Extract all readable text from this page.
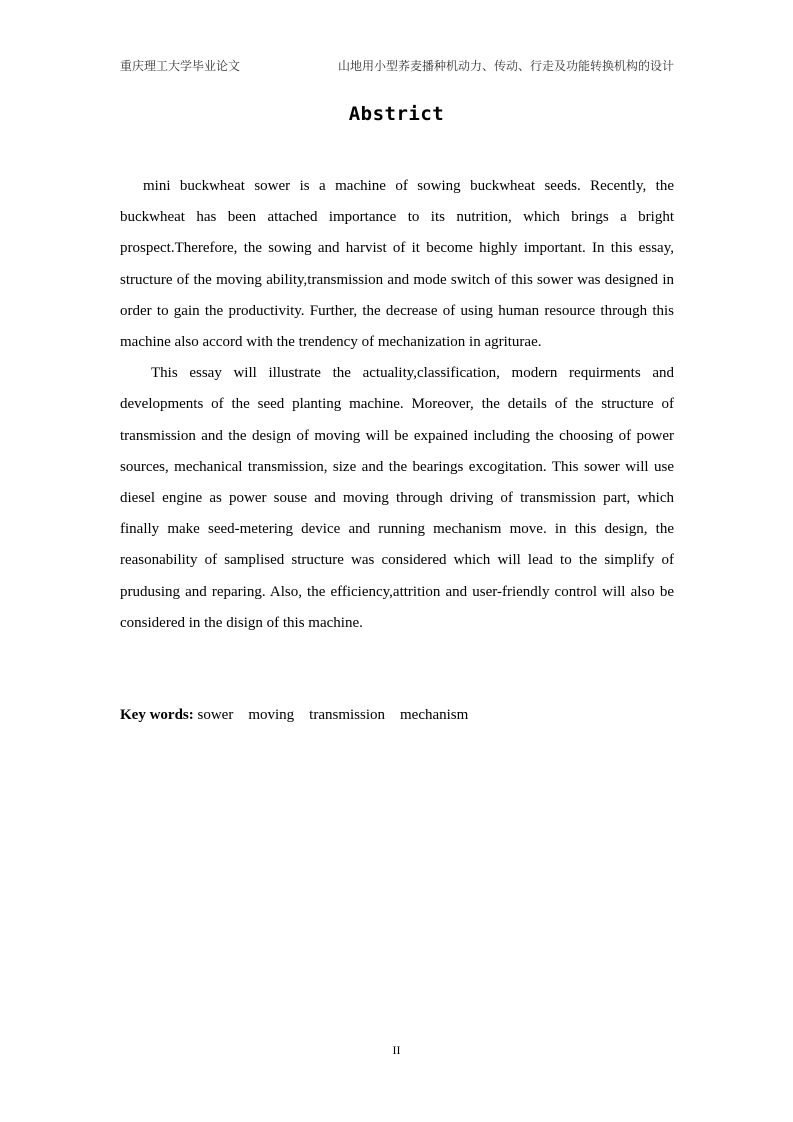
重庆理工大学毕业论文	山地用小型荞麦播种机动力、传动、行走及功能转换机构的设计
Abstrict

mini buckwheat sower is a machine of sowing buckwheat seeds. Recently, the buckwheat has been attached importance to its nutrition, which brings a bright prospect.Therefore, the sowing and harvist of it become highly important. In this essay, structure of the moving ability,transmission and mode switch of this sower was designed in order to gain the productivity. Further, the decrease of using human resource through this machine also accord with the trendency of mechanization in agriturae.

This essay will illustrate the actuality,classification, modern requirments and developments of the seed planting machine. Moreover, the details of the structure of transmission and the design of moving will be expained including the choosing of power sources, mechanical transmission, size and the bearings excogitation. This sower will use diesel engine as power souse and moving through driving of transmission part, which finally make seed-metering device and running mechanism move. in this design, the reasonability of samplised structure was considered which will lead to the simplify of prudusing and reparing. Also, the efficiency,attrition and user-friendly control will also be considered in the disign of this machine.

Key words: sower    moving    transmission    mechanism
II
